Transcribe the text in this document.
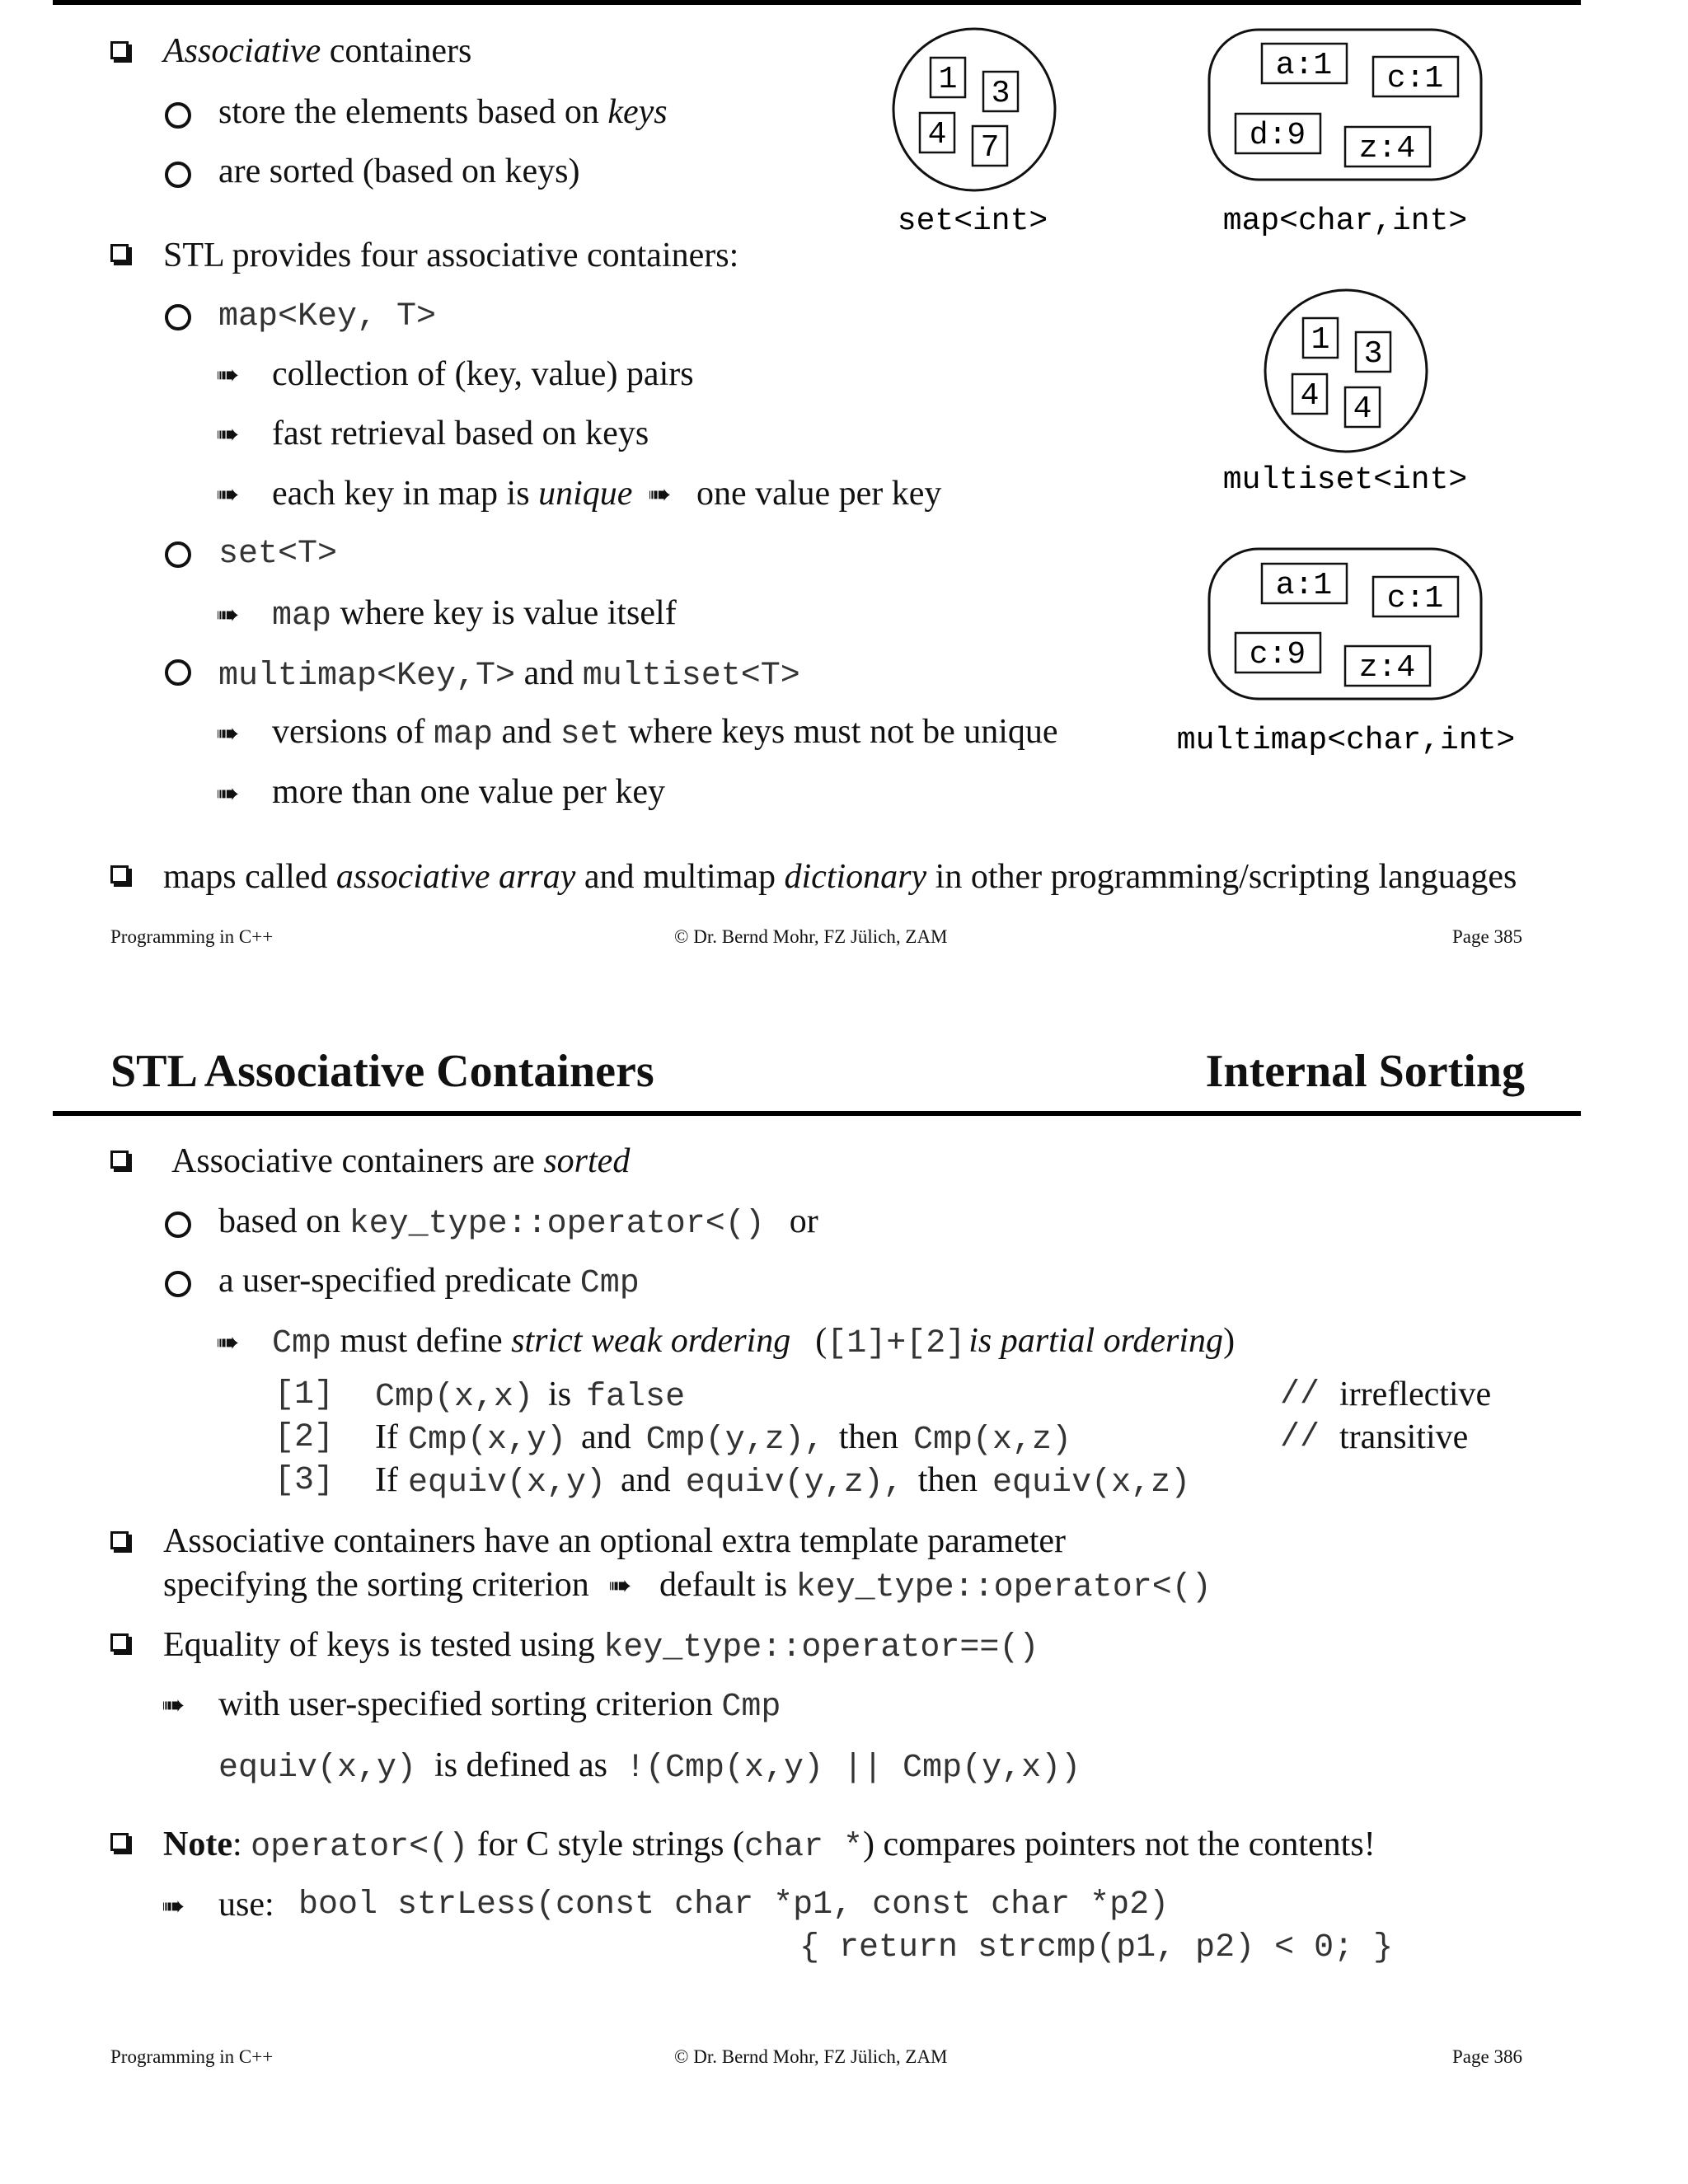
Associative containers
store the elements based on keys
are sorted (based on keys)
STL provides four associative containers:
map<Key, T>
➠ collection of (key, value) pairs
➠ fast retrieval based on keys
➠ each key in map is unique ➠ one value per key
set<T>
➠ map where key is value itself
multimap<Key,T> and multiset<T>
➠ versions of map and set where keys must not be unique
➠ more than one value per key
maps called associative array and multimap dictionary in other programming/scripting languages
1 3
4 7
set<int>
a:1 c:1
d:9 z:4
map<char,int>
1 3
4 4
multiset<int>
a:1 c:1
c:9 z:4
multimap<char,int>
Programming in C++	© Dr. Bernd Mohr, FZ Jülich, ZAM	Page 385
STL Associative Containers	Internal Sorting
Associative containers are sorted
based on key_type::operator<() or
a user-specified predicate Cmp
➠ Cmp must define strict weak ordering ([1]+[2] is partial ordering)
[1] Cmp(x,x) is false	// irreflective
[2] If Cmp(x,y) and Cmp(y,z), then Cmp(x,z)	// transitive
[3] If equiv(x,y) and equiv(y,z), then equiv(x,z)
Associative containers have an optional extra template parameter
specifying the sorting criterion ➠ default is key_type::operator<()
Equality of keys is tested using key_type::operator==()
➠ with user-specified sorting criterion Cmp
equiv(x,y) is defined as !(Cmp(x,y) || Cmp(y,x))
Note: operator<() for C style strings (char *) compares pointers not the contents!
➠ use: bool strLess(const char *p1, const char *p2)
{ return strcmp(p1, p2) < 0; }
Programming in C++	© Dr. Bernd Mohr, FZ Jülich, ZAM	Page 386
